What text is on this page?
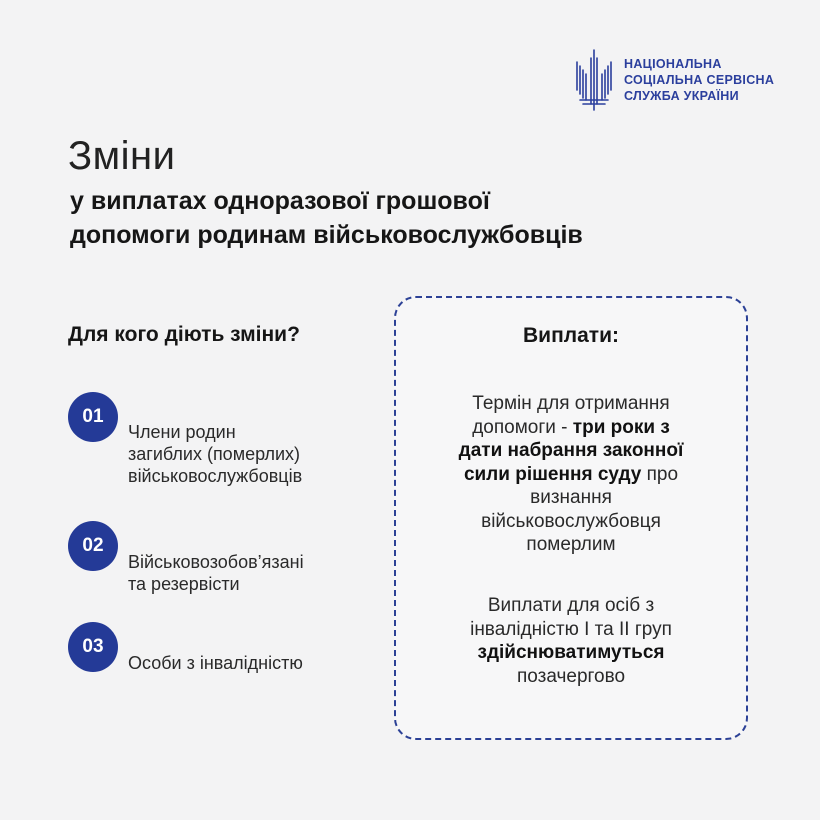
НАЦІОНАЛЬНА
СОЦІАЛЬНА СЕРВІСНА
СЛУЖБА УКРАЇНИ
Зміни
у виплатах одноразової грошової
допомоги родинам військовослужбовців
Для кого діють зміни?
01
Члени родин
загиблих (померлих)
військовослужбовців
02
Військовозобов’язані
та резервісти
03
Особи з інвалідністю
Виплати:
Термін для отримання
допомоги - три роки з
дати набрання законної
сили рішення суду про
визнання
військовослужбовця
померлим
Виплати для осіб з
інвалідністю I та II груп
здійснюватимуться
позачергово
